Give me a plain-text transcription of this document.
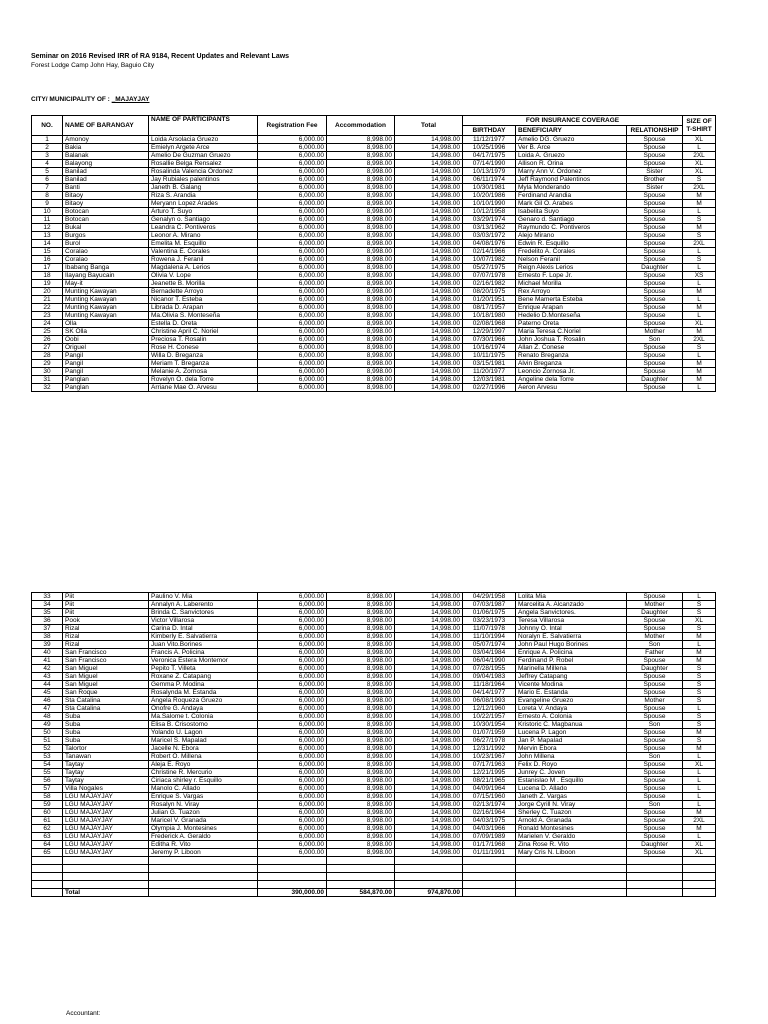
Seminar on 2016 Revised IRR of RA 9184, Recent Updates and Relevant Laws
Forest Lodge Camp John Hay, Baguio City
CITY/ MUNICIPALITY OF : _MAJAYJAY
NO.	NAME OF BARANGAY	NAME OF PARTICIPANTS	Registration Fee	Accommodation	Total	FOR INSURANCE COVERAGE			SIZE OF T-SHIRT
						BIRTHDAY	BENEFICIARY	RELATIONSHIP	
1	Amonoy	Loida Arsolacia Gruezo	6,000.00	8,998.00	14,998.00	11/12/1977	Amelio DG. Gruezo	Spouse	XL
2	Bakia	Emielyn Argete Arce	6,000.00	8,998.00	14,998.00	10/25/1996	Ver B. Arce	Spouse	L
3	Balanak	Amelio De Guzman Gruezo	6,000.00	8,998.00	14,998.00	04/17/1975	Loida A. Gruezo	Spouse	2XL
4	Balayong	Rosallie Belga Rensalez	6,000.00	8,998.00	14,998.00	07/14/1990	Allison R. Orina	Spouse	XL
5	Banilad	Rosalinda Valencia Ordonez	6,000.00	8,998.00	14,998.00	10/13/1979	Marry Ann V. Ordonez	Sister	XL
6	Banilad	Jay Rubiales palentinos	6,000.00	8,998.00	14,998.00	06/11/1974	Jeff Raymond Palentinos	Brother	S
7	Banti	Janeth B. Galang	6,000.00	8,998.00	14,998.00	10/30/1981	Myla Monderando	Sister	2XL
8	Bitaoy	Riza S. Arandia	6,000.00	8,998.00	14,998.00	10/20/1986	Ferdinand Arandia	Spouse	M
9	Bitaoy	Meryann Lopez Arades	6,000.00	8,998.00	14,998.00	10/10/1990	Mark Gil O. Arabes	Spouse	M
10	Botocan	Arturo T. Suyo	6,000.00	8,998.00	14,998.00	10/12/1958	Isabelita Suyo	Spouse	L
11	Botocan	Genalyn o. Santiago	6,000.00	8,998.00	14,998.00	03/29/1974	Genaro d. Santiago	Spouse	S
12	Bukal	Leandra C. Pontiveros	6,000.00	8,998.00	14,998.00	03/13/1962	Raymundo C. Pontiveros	Spouse	M
13	Burgos	Leonor A. Mirano	6,000.00	8,998.00	14,998.00	03/03/1972	Alejo Mirano	Spouse	S
14	Burol	Emelita M. Esquillo	6,000.00	8,998.00	14,998.00	04/08/1976	Edwin R. Esquillo	Spouse	2XL
15	Coralao	Valentina E. Corales	6,000.00	8,998.00	14,998.00	02/14/1966	Fredelito A. Corales	Spouse	L
16	Coralao	Rowena J. Feranil	6,000.00	8,998.00	14,998.00	10/07/1982	Nelson Feranil	Spouse	S
17	Ibabang Banga	Magdalena A. Lerios	6,000.00	8,998.00	14,998.00	05/27/1975	Reign Alexis Lerios	Daughter	L
18	Ilayang Bayucain	Olivia V. Lope	6,000.00	8,998.00	14,998.00	07/07/1978	Ernesto F. Lope Jr.	Spouse	XS
19	May-it	Jeanette B. Morilla	6,000.00	8,998.00	14,998.00	02/16/1982	Michael Morilla	Spouse	L
20	Munting Kawayan	Bernadette Arroyo	6,000.00	8,998.00	14,998.00	08/20/1975	Rex Arroyo	Spouse	M
21	Munting Kawayan	Nicanor T. Esteba	6,000.00	8,998.00	14,998.00	01/20/1951	Bene Mamerta Esteba	Spouse	L
22	Munting Kawayan	Librada D. Arapan	6,000.00	8,998.00	14,998.00	08/17/1957	Enrique Arapan	Spouse	M
23	Munting Kawayan	Ma.Olivia S. Monteseña	6,000.00	8,998.00	14,998.00	10/18/1980	Hedelio D.Monteseña	Spouse	L
24	Olla	Estella D. Oreta	6,000.00	8,998.00	14,998.00	02/08/1968	Paterno Oreta	Spouse	XL
25	SK Olla	Christine April C. Noriel	6,000.00	8,998.00	14,998.00	12/29/1997	Maria Teresa C.Noriel	Mother	M
26	Oobi	Preciosa T. Rosalin	6,000.00	8,998.00	14,998.00	07/30/1966	John Joshua T. Rosalin	Son	2XL
27	Origuel	Rose H. Conese	6,000.00	8,998.00	14,998.00	10/16/1974	Allan Z. Conese	Spouse	S
28	Pangil	Willa D. Breganza	6,000.00	8,998.00	14,998.00	10/11/1975	Renato Breganza	Spouse	L
29	Pangil	Meriam T. Breganza	6,000.00	8,998.00	14,998.00	03/15/1981	Alvin Breganza	Spouse	M
30	Pangil	Melanie A. Zornosa	6,000.00	8,998.00	14,998.00	11/20/1977	Leoncio Zornosa Jr.	Spouse	M
31	Panglan	Rovelyn O. dela Torre	6,000.00	8,998.00	14,998.00	12/03/1981	Angeline dela Torre	Daughter	M
32	Panglan	Arriane Mae O. Arvesu	6,000.00	8,998.00	14,998.00	02/27/1996	Aeron Arvesu	Spouse	L
33	Piit	Paulino V. Mia	6,000.00	8,998.00	14,998.00	04/29/1958	Lolita Mia	Spouse	L
34	Piit	Annalyn A. Laberento	6,000.00	8,998.00	14,998.00	07/03/1987	Marcelita A. Alcanzado	Mother	S
35	Piit	Brinda C. Sanvictores	6,000.00	8,998.00	14,998.00	01/06/1975	Angela Sanvictores.	Daughter	S
36	Pook	Victor Villarosa	6,000.00	8,998.00	14,998.00	03/23/1973	Teresa Villarosa	Spouse	XL
37	Rizal	Carina D. Intal	6,000.00	8,998.00	14,998.00	11/07/1978	Johnny O. Intal	Spouse	S
38	Rizal	Kimberly E. Salvatierra	6,000.00	8,998.00	14,998.00	11/10/1994	Noralyn E. Salvatierra	Mother	M
39	Rizal	Juan Vito.Borines	6,000.00	8,998.00	14,998.00	05/07/1974	John Paul Hugo Borines	Son	L
40	San Francisco	Francis A. Policina	6,000.00	8,998.00	14,998.00	03/04/1984	Enrique A. Policina	Father	M
41	San Francisco	Veronica Estera Montemor	6,000.00	8,998.00	14,998.00	06/04/1990	Ferdinand P. Robel	Spouse	M
42	San Miguel	Pepito T. Villeta	6,000.00	8,998.00	14,998.00	07/28/1955	Marinella Millena	Daughter	S
43	San Miguel	Roxane Z. Catapang	6,000.00	8,998.00	14,998.00	09/04/1983	Jeffrey Catapang	Spouse	S
44	San Miguel	Gemma P. Modina	6,000.00	8,998.00	14,998.00	11/18/1964	Vicente Modina	Spouse	S
45	San Roque	Rosalynda M. Estanda	6,000.00	8,998.00	14,998.00	04/14/1977	Mario E. Estanda	Spouse	S
46	Sta Catalina	Angela Roqueza Gruezo	6,000.00	8,998.00	14,998.00	06/08/1993	Evangeline Gruezo	Mother	S
47	Sta Catalina	Onofre G. Andaya	6,000.00	8,998.00	14,998.00	12/12/1960	Loreta V. Andaya	Spouse	L
48	Suba	Ma.Salome t. Colonia	6,000.00	8,998.00	14,998.00	10/22/1957	Ernesto A. Colonia	Spouse	S
49	Suba	Elisa B. Crisostomo	6,000.00	8,998.00	14,998.00	10/30/1954	Kristoric C. Magbanua	Son	S
50	Suba	Yolando U. Lagon	6,000.00	8,998.00	14,998.00	01/07/1959	Lucena P. Lagon	Spouse	M
51	Suba	Maricel S. Mapalad	6,000.00	8,998.00	14,998.00	06/27/1978	Jan P. Mapalad	Spouse	S
52	Talortor	Jacelle N. Ebora	6,000.00	8,998.00	14,998.00	12/31/1992	Mervin Ebora	Spouse	M
53	Tanawan	Robert O. Millena	6,000.00	8,998.00	14,998.00	10/23/1967	John Millena	Son	L
54	Taytay	Aleja E. Royo	6,000.00	8,998.00	14,998.00	07/17/1963	Felix D. Royo	Spouse	XL
55	Taytay	Christine R. Mercurio	6,000.00	8,998.00	14,998.00	12/21/1995	Junrey C. Joven	Spouse	L
56	Taytay	Ciriaca shirley r. Esquillo	6,000.00	8,998.00	14,998.00	08/21/1965	Estanislao M . Esquillo	Spouse	L
57	Villa Nogales	Manolo C. Allado	6,000.00	8,998.00	14,998.00	04/09/1964	Lucena D. Allado	Spouse	L
58	LGU MAJAYJAY	Enrique S. Vargas	6,000.00	8,998.00	14,998.00	07/15/1960	Janeth Z. Vargas	Spouse	L
59	LGU MAJAYJAY	Rosalyn N. Viray	6,000.00	8,998.00	14,998.00	02/13/1974	Jorge Cyrill N. Viray	Son	L
60	LGU MAJAYJAY	Julian G. Tuazon	6,000.00	8,998.00	14,998.00	02/16/1964	Sherley C. Tuazon	Spouse	M
61	LGU MAJAYJAY	Maricel V. Granada	6,000.00	8,998.00	14,998.00	04/03/1975	Arnold A. Granada	Spouse	2XL
62	LGU MAJAYJAY	Olympia J. Montesines	6,000.00	8,998.00	14,998.00	04/03/1966	Ronald Montesines	Spouse	M
63	LGU MAJAYJAY	Frederick A. Geraldo	6,000.00	8,998.00	14,998.00	07/09/1989	Marielen V. Geraldo	Spouse	L
64	LGU MAJAYJAY	Editha R. Vito	6,000.00	8,998.00	14,998.00	01/17/1968	Zina Rose R. Vito	Daughter	XL
65	LGU MAJAYJAY	Jeremy P. Liboon	6,000.00	8,998.00	14,998.00	01/11/1991	Mary Cris N. Liboon	Spouse	XL

	Total		390,000.00	584,870.00	974,870.00				
Accountant:
